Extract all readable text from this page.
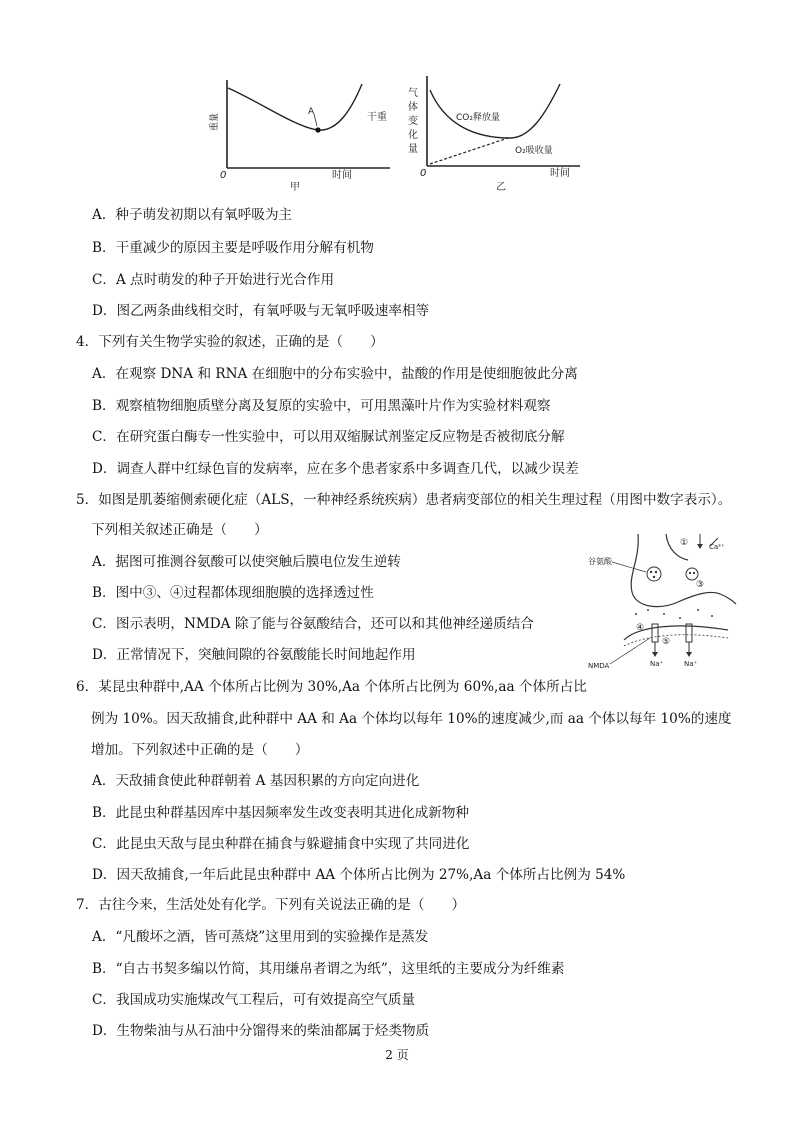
A	干重
重量
0
甲
时间
CO₂释放量
O₂吸收量
气
体
变
化
量
0
乙
时间
A．种子萌发初期以有氧呼吸为主
B．干重减少的原因主要是呼吸作用分解有机物
C．A 点时萌发的种子开始进行光合作用
D．图乙两条曲线相交时，有氧呼吸与无氧呼吸速率相等
4．下列有关生物学实验的叙述，正确的是（　　）
A．在观察 DNA 和 RNA 在细胞中的分布实验中，盐酸的作用是使细胞彼此分离
B．观察植物细胞质壁分离及复原的实验中，可用黑藻叶片作为实验材料观察
C．在研究蛋白酶专一性实验中，可以用双缩脲试剂鉴定反应物是否被彻底分解
D．调查人群中红绿色盲的发病率，应在多个患者家系中多调查几代，以减少误差
5．如图是肌萎缩侧索硬化症（ALS，一种神经系统疾病）患者病变部位的相关生理过程（用图中数字表示）。
下列相关叙述正确是（　　）
A．据图可推测谷氨酸可以使突触后膜电位发生逆转
B．图中③、④过程都体现细胞膜的选择透过性
C．图示表明，NMDA 除了能与谷氨酸结合，还可以和其他神经递质结合
D．正常情况下，突触间隙的谷氨酸能长时间地起作用
①	Ca²⁺
谷氨酸
③
④
⑤
NMDA	Na⁺	Na⁺
6．某昆虫种群中,AA 个体所占比例为 30%,Aa 个体所占比例为 60%,aa 个体所占比
例为 10%。因天敌捕食,此种群中 AA 和 Aa 个体均以每年 10%的速度减少,而 aa 个体以每年 10%的速度
增加。下列叙述中正确的是（　　）
A．天敌捕食使此种群朝着 A 基因积累的方向定向进化
B．此昆虫种群基因库中基因频率发生改变表明其进化成新物种
C．此昆虫天敌与昆虫种群在捕食与躲避捕食中实现了共同进化
D．因天敌捕食,一年后此昆虫种群中 AA 个体所占比例为 27%,Aa 个体所占比例为 54%
7．古往今来，生活处处有化学。下列有关说法正确的是（　　）
A．“凡酸坏之酒，皆可蒸烧”这里用到的实验操作是蒸发
B．“自古书契多编以竹简，其用缣帛者谓之为纸”，这里纸的主要成分为纤维素
C．我国成功实施煤改气工程后，可有效提高空气质量
D．生物柴油与从石油中分馏得来的柴油都属于烃类物质
2 页
